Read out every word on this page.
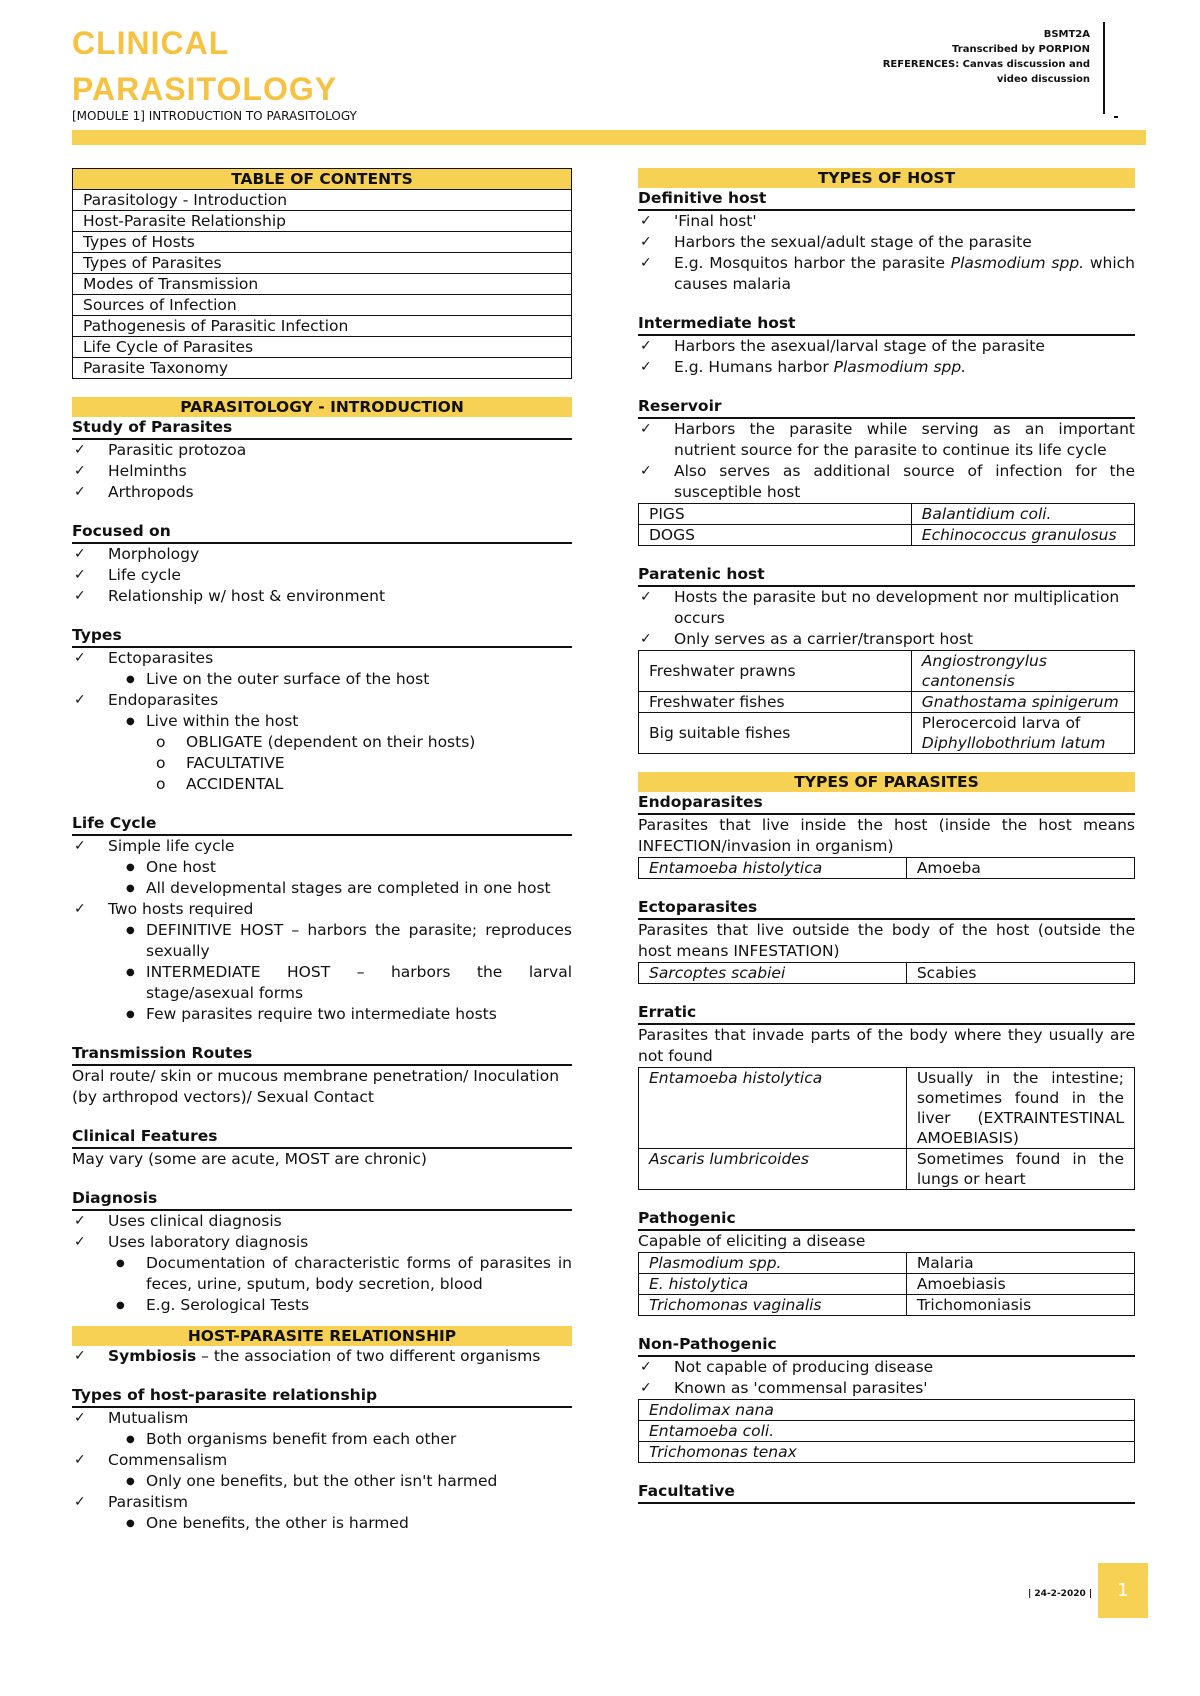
CLINICAL
PARASITOLOGY
[MODULE 1] INTRODUCTION TO PARASITOLOGY
BSMT2A
Transcribed by PORPION
REFERENCES: Canvas discussion and
video discussion
TABLE OF CONTENTS
Parasitology - Introduction
Host-Parasite Relationship
Types of Hosts
Types of Parasites
Modes of Transmission
Sources of Infection
Pathogenesis of Parasitic Infection
Life Cycle of Parasites
Parasite Taxonomy
PARASITOLOGY - INTRODUCTION
Study of Parasites
✓ Parasitic protozoa
✓ Helminths
✓ Arthropods
Focused on
✓ Morphology
✓ Life cycle
✓ Relationship w/ host & environment
Types
✓ Ectoparasites
● Live on the outer surface of the host
✓ Endoparasites
● Live within the host
o OBLIGATE (dependent on their hosts)
o FACULTATIVE
o ACCIDENTAL
Life Cycle
✓ Simple life cycle
● One host
● All developmental stages are completed in one host
✓ Two hosts required
● DEFINITIVE HOST – harbors the parasite; reproduces sexually
● INTERMEDIATE HOST – harbors the larval stage/asexual forms
● Few parasites require two intermediate hosts
Transmission Routes
Oral route/ skin or mucous membrane penetration/ Inoculation (by arthropod vectors)/ Sexual Contact
Clinical Features
May vary (some are acute, MOST are chronic)
Diagnosis
✓ Uses clinical diagnosis
✓ Uses laboratory diagnosis
● Documentation of characteristic forms of parasites in feces, urine, sputum, body secretion, blood
● E.g. Serological Tests
HOST-PARASITE RELATIONSHIP
✓ Symbiosis – the association of two different organisms
Types of host-parasite relationship
✓ Mutualism
● Both organisms benefit from each other
✓ Commensalism
● Only one benefits, but the other isn't harmed
✓ Parasitism
● One benefits, the other is harmed
TYPES OF HOST
Definitive host
✓ 'Final host'
✓ Harbors the sexual/adult stage of the parasite
✓ E.g. Mosquitos harbor the parasite Plasmodium spp. which causes malaria
Intermediate host
✓ Harbors the asexual/larval stage of the parasite
✓ E.g. Humans harbor Plasmodium spp.
Reservoir
✓ Harbors the parasite while serving as an important nutrient source for the parasite to continue its life cycle
✓ Also serves as additional source of infection for the susceptible host
PIGS	Balantidium coli.
DOGS	Echinococcus granulosus
Paratenic host
✓ Hosts the parasite but no development nor multiplication occurs
✓ Only serves as a carrier/transport host
Freshwater prawns	Angiostrongylus cantonensis
Freshwater fishes	Gnathostama spinigerum
Big suitable fishes	Plerocercoid larva of
Diphyllobothrium latum
TYPES OF PARASITES
Endoparasites
Parasites that live inside the host (inside the host means INFECTION/invasion in organism)
Entamoeba histolytica	Amoeba
Ectoparasites
Parasites that live outside the body of the host (outside the host means INFESTATION)
Sarcoptes scabiei	Scabies
Erratic
Parasites that invade parts of the body where they usually are not found
Entamoeba histolytica	Usually in the intestine; sometimes found in the liver (EXTRAINTESTINAL AMOEBIASIS)
Ascaris lumbricoides	Sometimes found in the lungs or heart
Pathogenic
Capable of eliciting a disease
Plasmodium spp.	Malaria
E. histolytica	Amoebiasis
Trichomonas vaginalis	Trichomoniasis
Non-Pathogenic
✓ Not capable of producing disease
✓ Known as 'commensal parasites'
Endolimax nana
Entamoeba coli.
Trichomonas tenax
Facultative
| 24-2-2020 |	1
